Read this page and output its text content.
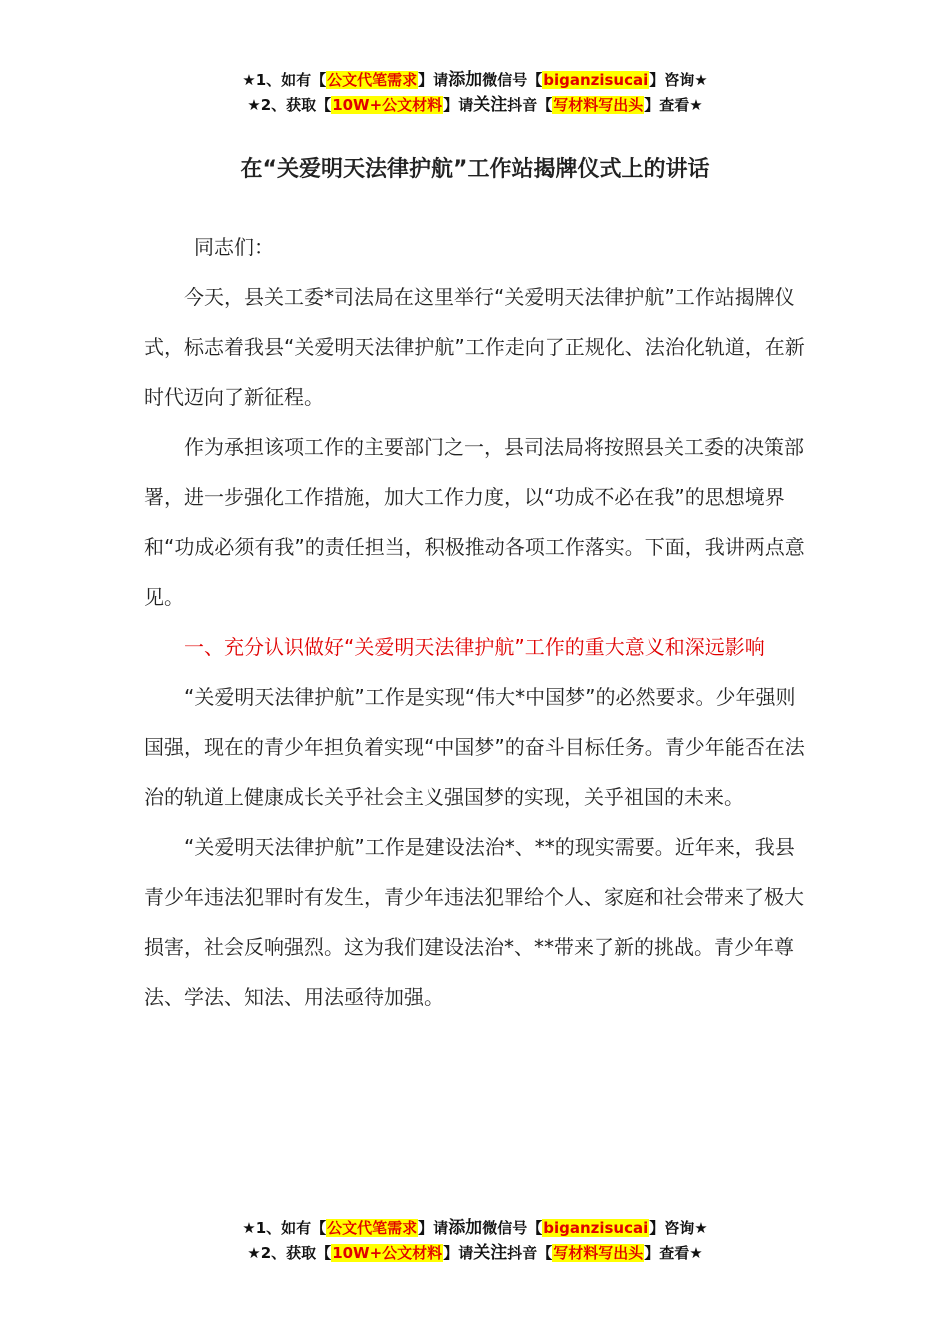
★1、如有【公文代笔需求】请添加微信号【biganzisucai】咨询★
★2、获取【10W+公文材料】请关注抖音【写材料写出头】查看★
在“关爱明天法律护航”工作站揭牌仪式上的讲话

同志们：

今天，县关工委*司法局在这里举行“关爱明天法律护航”工作站揭牌仪式，标志着我县“关爱明天法律护航”工作走向了正规化、法治化轨道，在新时代迈向了新征程。

作为承担该项工作的主要部门之一，县司法局将按照县关工委的决策部署，进一步强化工作措施，加大工作力度，以“功成不必在我”的思想境界和“功成必须有我”的责任担当，积极推动各项工作落实。下面，我讲两点意见。

一、充分认识做好“关爱明天法律护航”工作的重大意义和深远影响

“关爱明天法律护航”工作是实现“伟大*中国梦”的必然要求。少年强则国强，现在的青少年担负着实现“中国梦”的奋斗目标任务。青少年能否在法治的轨道上健康成长关乎社会主义强国梦的实现，关乎祖国的未来。

“关爱明天法律护航”工作是建设法治*、**的现实需要。近年来，我县青少年违法犯罪时有发生，青少年违法犯罪给个人、家庭和社会带来了极大损害，社会反响强烈。这为我们建设法治*、**带来了新的挑战。青少年尊法、学法、知法、用法亟待加强。

★1、如有【公文代笔需求】请添加微信号【biganzisucai】咨询★
★2、获取【10W+公文材料】请关注抖音【写材料写出头】查看★
